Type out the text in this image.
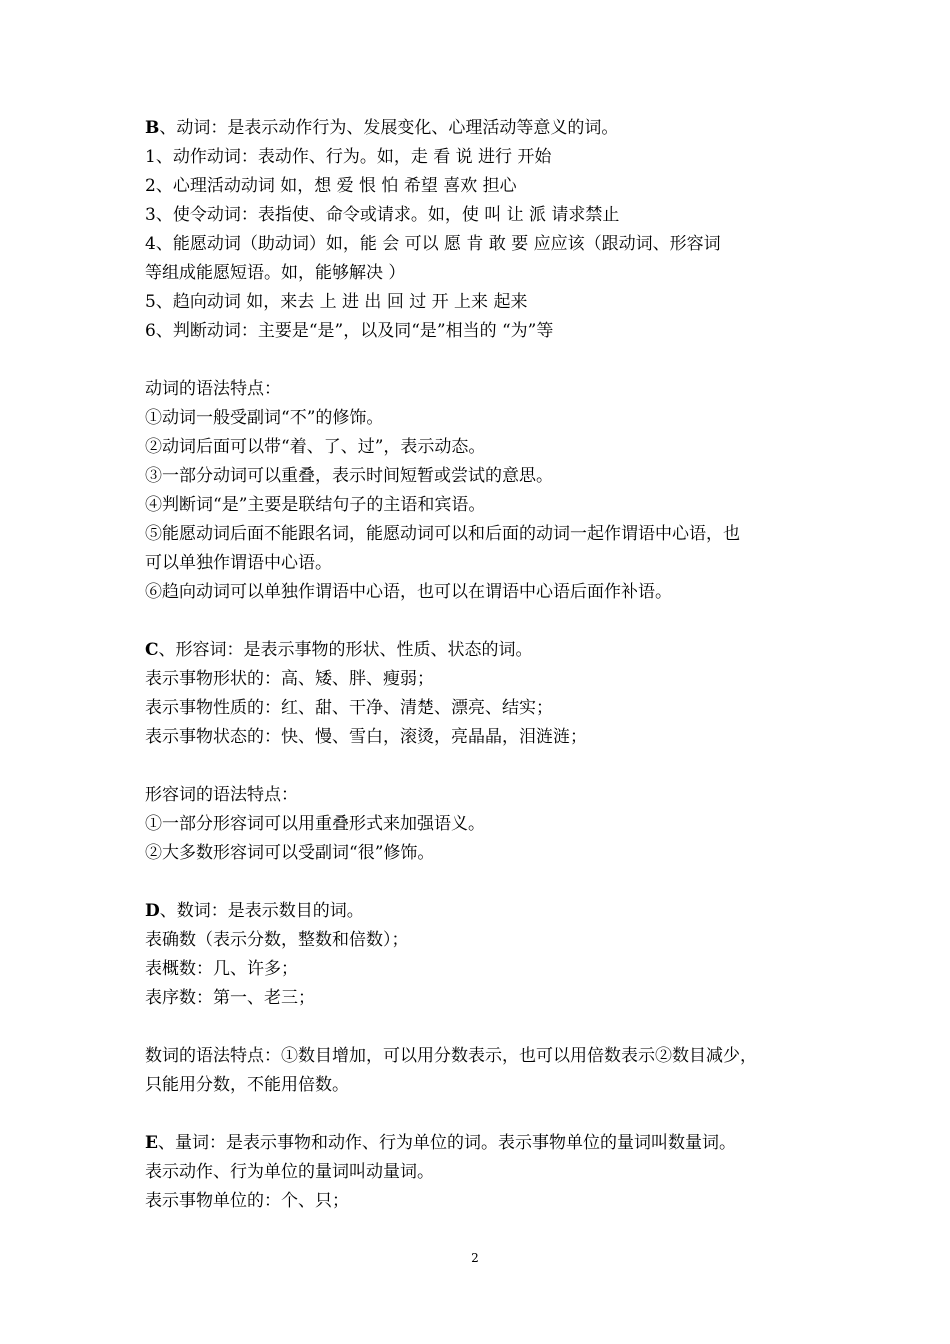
B、动词：是表示动作行为、发展变化、心理活动等意义的词。
1、动作动词：表动作、行为。如，走 看 说 进行 开始
2、心理活动动词 如，想 爱 恨 怕 希望 喜欢 担心
3、使令动词：表指使、命令或请求。如，使 叫 让 派 请求禁止
4、能愿动词（助动词）如，能 会 可以 愿 肯 敢 要 应应该（跟动词、形容词
等组成能愿短语。如，能够解决 ）
5、趋向动词 如，来去 上 进 出 回 过 开 上来 起来
6、判断动词：主要是“是”，以及同“是”相当的 “为”等
动词的语法特点：
①动词一般受副词“不”的修饰。
②动词后面可以带“着、了、过”，表示动态。
③一部分动词可以重叠，表示时间短暂或尝试的意思。
④判断词“是”主要是联结句子的主语和宾语。
⑤能愿动词后面不能跟名词，能愿动词可以和后面的动词一起作谓语中心语，也
可以单独作谓语中心语。
⑥趋向动词可以单独作谓语中心语，也可以在谓语中心语后面作补语。
C、形容词：是表示事物的形状、性质、状态的词。
表示事物形状的：高、矮、胖、瘦弱；
表示事物性质的：红、甜、干净、清楚、漂亮、结实；
表示事物状态的：快、慢、雪白，滚烫，亮晶晶，泪涟涟；
形容词的语法特点：
①一部分形容词可以用重叠形式来加强语义。
②大多数形容词可以受副词“很”修饰。
D、数词：是表示数目的词。
表确数（表示分数，整数和倍数）；
表概数：几、许多；
表序数：第一、老三；
数词的语法特点：①数目增加，可以用分数表示，也可以用倍数表示②数目减少，
只能用分数，不能用倍数。
E、量词：是表示事物和动作、行为单位的词。表示事物单位的量词叫数量词。
表示动作、行为单位的量词叫动量词。
表示事物单位的：个、只；
2
